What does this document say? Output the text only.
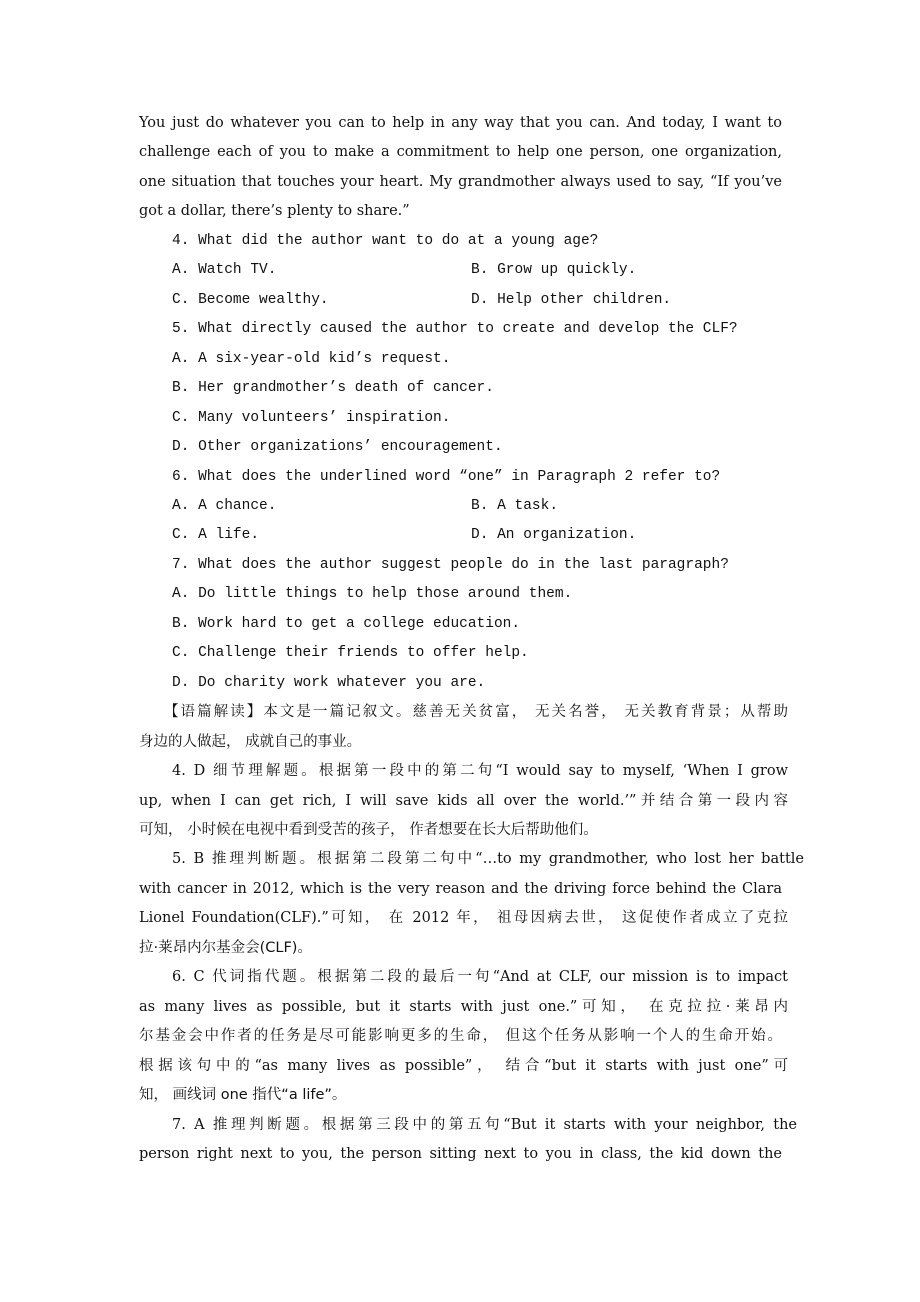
You just do whatever you can to help in any way that you can. And today, I want to
challenge each of you to make a commitment to help one person, one organization,
one situation that touches your heart. My grandmother always used to say, “If you’ve
got a dollar, there’s plenty to share.”
4. What did the author want to do at a young age?
A. Watch TV.	B. Grow up quickly.
C. Become wealthy.	D. Help other children.
5. What directly caused the author to create and develop the CLF?
A. A six-year-old kid’s request.
B. Her grandmother’s death of cancer.
C. Many volunteers’ inspiration.
D. Other organizations’ encouragement.
6. What does the underlined word “one” in Paragraph 2 refer to?
A. A chance.	B. A task.
C. A life.	D. An organization.
7. What does the author suggest people do in the last paragraph?
A. Do little things to help those around them.
B. Work hard to get a college education.
C. Challenge their friends to offer help.
D. Do charity work whatever you are.
【语篇解读】本文是一篇记叙文。慈善无关贫富， 无关名誉， 无关教育背景；从帮助
身边的人做起， 成就自己的事业。
4. D 细节理解题。根据第一段中的第二句“I would say to myself, ‘When I grow
up, when I can get rich, I will save kids all over the world.’”并结合第一段内容
可知， 小时候在电视中看到受苦的孩子， 作者想要在长大后帮助他们。
5. B 推理判断题。根据第二段第二句中“…to my grandmother, who lost her battle
with cancer in 2012, which is the very reason and the driving force behind the Clara
Lionel Foundation(CLF).”可知， 在 2012 年， 祖母因病去世， 这促使作者成立了克拉
拉·莱昂内尔基金会(CLF)。
6. C 代词指代题。根据第二段的最后一句“And at CLF, our mission is to impact
as many lives as possible, but it starts with just one.”可知， 在克拉拉·莱昂内
尔基金会中作者的任务是尽可能影响更多的生命， 但这个任务从影响一个人的生命开始。
根据该句中的“as many lives as possible”， 结合“but it starts with just one”可
知， 画线词 one 指代“a life”。
7. A 推理判断题。根据第三段中的第五句“But it starts with your neighbor, the
person right next to you, the person sitting next to you in class, the kid down the
